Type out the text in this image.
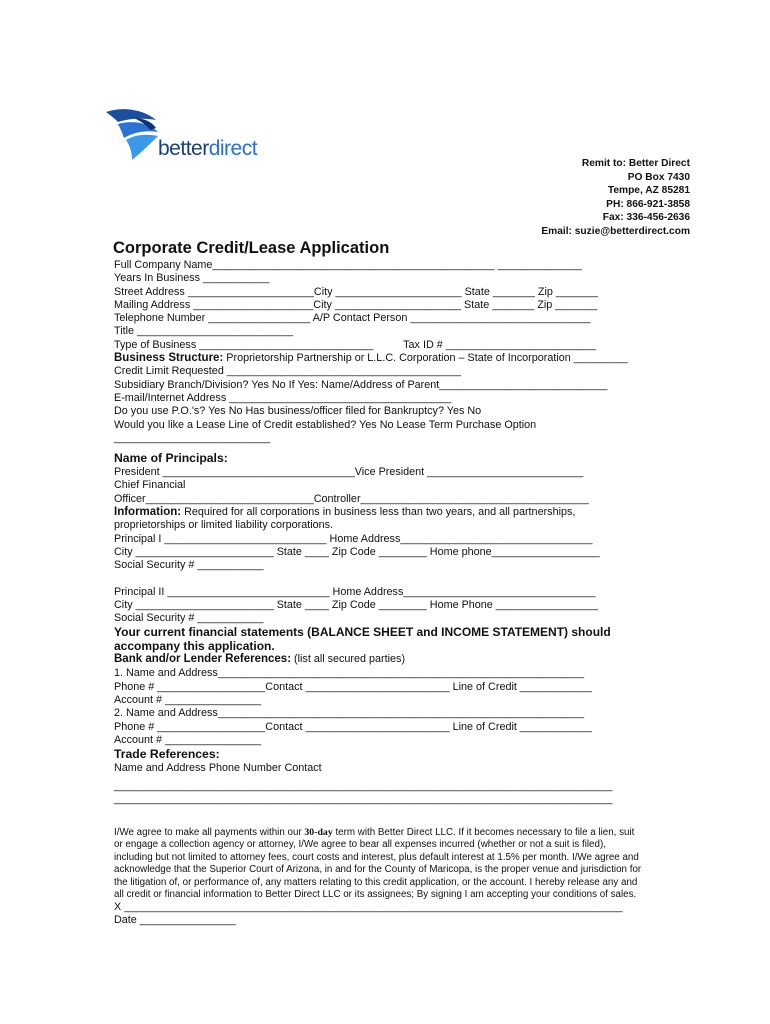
betterdirect
Remit to: Better Direct
PO Box 7430
Tempe, AZ 85281
PH: 866-921-3858
Fax: 336-456-2636
Email: suzie@betterdirect.com
Corporate Credit/Lease Application
Full Company Name_______________________________________________ ______________
Years In Business ___________
Street Address _____________________City _____________________ State _______ Zip _______
Mailing Address ____________________City _____________________ State _______ Zip _______
Telephone Number _________________ A/P Contact Person ______________________________
Title __________________________
Type of Business _____________________________          Tax ID # _________________________
Business Structure: Proprietorship Partnership or L.L.C. Corporation – State of Incorporation _________
Credit Limit Requested _______________________________________
Subsidiary Branch/Division? Yes No If Yes: Name/Address of Parent____________________________
E-mail/Internet Address _____________________________________
Do you use P.O.'s? Yes No Has business/officer filed for Bankruptcy? Yes No
Would you like a Lease Line of Credit established? Yes No Lease Term Purchase Option
__________________________
Name of Principals:
President ________________________________Vice President __________________________
Chief Financial
Officer____________________________Controller______________________________________
Information: Required for all corporations in business less than two years, and all partnerships,
proprietorships or limited liability corporations.
Principal I ___________________________ Home Address________________________________
City _______________________ State ____ Zip Code ________ Home phone__________________
Social Security # ___________
Principal II ___________________________ Home Address________________________________
City _______________________ State ____ Zip Code ________ Home Phone _________________
Social Security # ___________
Your current financial statements (BALANCE SHEET and INCOME STATEMENT) should
accompany this application.
Bank and/or Lender References: (list all secured parties)
1. Name and Address_____________________________________________________________
Phone # __________________Contact ________________________ Line of Credit ____________
Account # ________________
2. Name and Address_____________________________________________________________
Phone # __________________Contact ________________________ Line of Credit ____________
Account # ________________
Trade References:
Name and Address Phone Number Contact
___________________________________________________________________________________
___________________________________________________________________________________
I/We agree to make all payments within our 30-day term with Better Direct LLC. If it becomes necessary to file a lien, suit
or engage a collection agency or attorney, I/We agree to bear all expenses incurred (whether or not a suit is filed),
including but not limited to attorney fees, court costs and interest, plus default interest at 1.5% per month. I/We agree and
acknowledge that the Superior Court of Arizona, in and for the County of Maricopa, is the proper venue and jurisdiction for
the litigation of, or performance of, any matters relating to this credit application, or the account. I hereby release any and
all credit or financial information to Better Direct LLC or its assignees; By signing I am accepting your conditions of sales.
X ___________________________________________________________________________________
Date ________________
